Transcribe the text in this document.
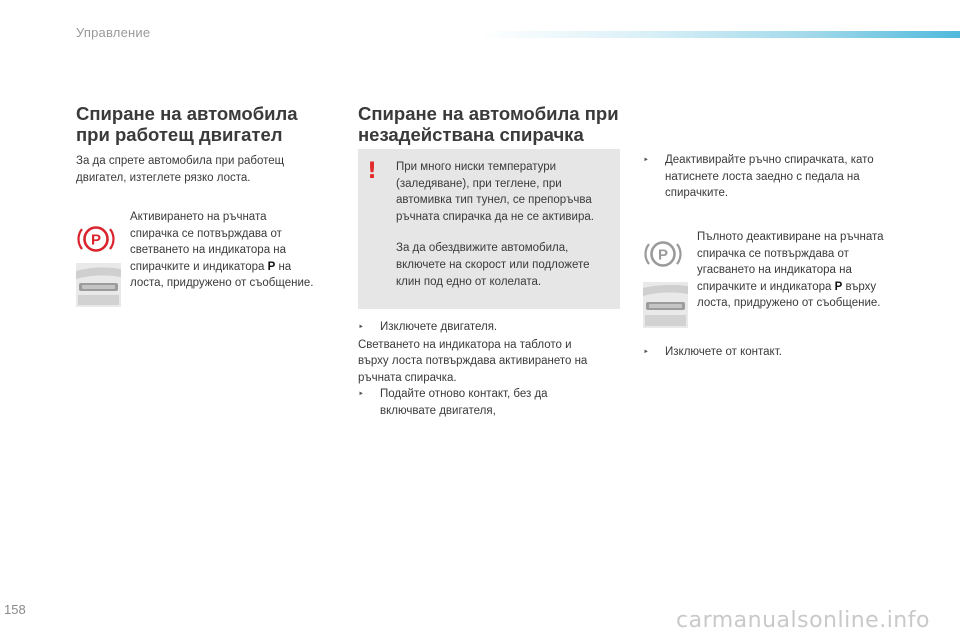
Управление
Спиране на автомобила
при работещ двигател
За да спрете автомобила при работещ
двигател, изтеглете рязко лоста.
P
Активирането на ръчната
спирачка се потвърждава от
светването на индикатора на
спирачките и индикатора P на
лоста, придружено от съобщение.
Спиране на автомобила при
незадействана спирачка
! При много ниски температури
(заледяване), при теглене, при
автомивка тип тунел, се препоръчва
ръчната спирачка да не се активира.
За да обездвижите автомобила,
включете на скорост или подложете
клин под едно от колелата.
‣	Изключете двигателя.
Светването на индикатора на таблото и
върху лоста потвърждава активирането на
ръчната спирачка.
‣	Подайте отново контакт, без да
включвате двигателя,
‣	Деактивирайте ръчно спирачката, като
натиснете лоста заедно с педала на
спирачките.
P
Пълното деактивиране на ръчната
спирачка се потвърждава от
угасването на индикатора на
спирачките и индикатора P върху
лоста, придружено от съобщение.
‣	Изключете от контакт.
158	carmanualsonline.info
